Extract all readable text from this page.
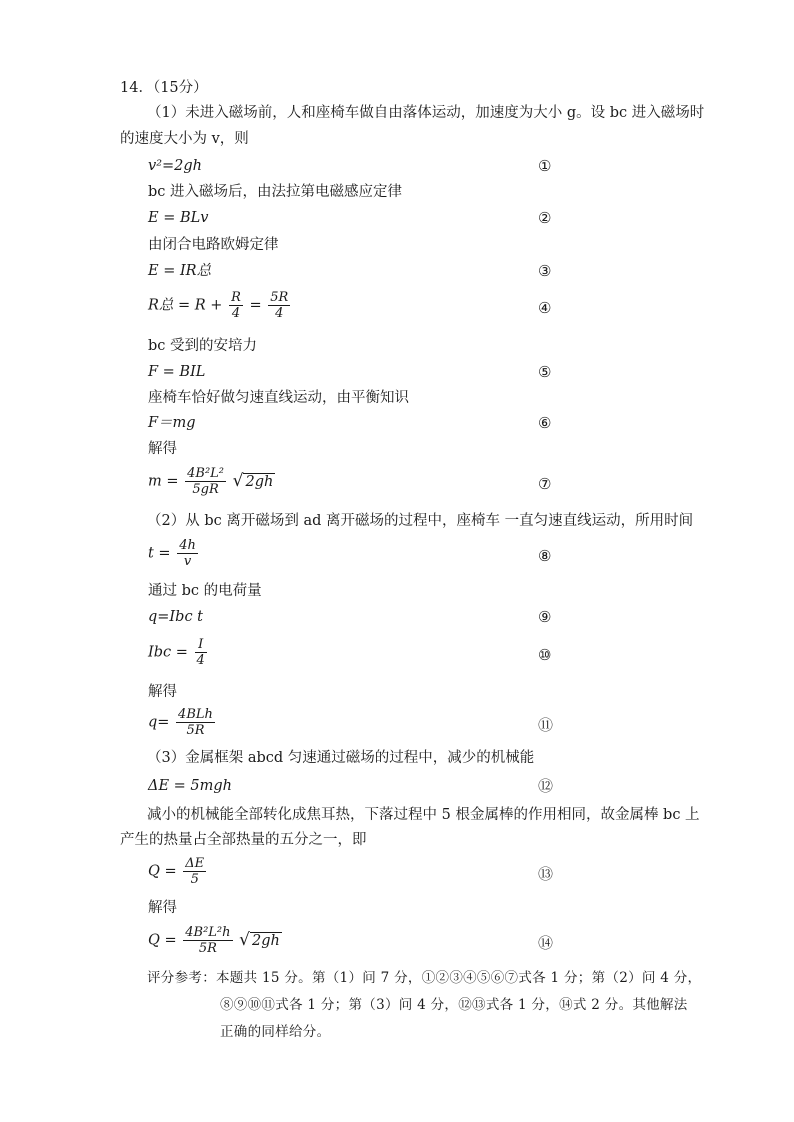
14．（15分）
（1）未进入磁场前，人和座椅车做自由落体运动，加速度为大小 g。设 bc 进入磁场时
的速度大小为 v，则
v²=2gh	①
bc 进入磁场后，由法拉第电磁感应定律
E = BLv	②
由闭合电路欧姆定律
E = IR总	③
R总 = $R + \frac{R}{4} = \frac{5R}{4}$	④
bc 受到的安培力
F = BIL	⑤
座椅车恰好做匀速直线运动，由平衡知识
F＝mg	⑥
解得
$m = \frac{\text{4B²L²}}{5gR}$ √ 2gh	⑦
（2）从 bc 离开磁场到 ad 离开磁场的过程中，座椅车 一直匀速直线运动，所用时间
$t = \frac{4h}{v}$	⑧
通过 bc 的电荷量
q=Ibc t	⑨
Ibc = $\frac{I}{4}$	⑩
解得
$q= \frac{\text{4BLh}}{5R}$	⑪
（3）金属框架 abcd 匀速通过磁场的过程中，减少的机械能
ΔE = 5mgh	⑫
减小的机械能全部转化成焦耳热，下落过程中 5 根金属棒的作用相同，故金属棒 bc 上
产生的热量占全部热量的五分之一，即
$Q = \frac{\Delta E}{5}$	⑬
解得
$Q = \frac{\text{4B²L²h}}{5R}$ √ 2gh	⑭
评分参考：本题共 15 分。第（1）问 7 分，①②③④⑤⑥⑦式各 1 分；第（2）问 4 分，
⑧⑨⑩⑪式各 1 分；第（3）问 4 分，⑫⑬式各 1 分，⑭式 2 分。其他解法
正确的同样给分。
